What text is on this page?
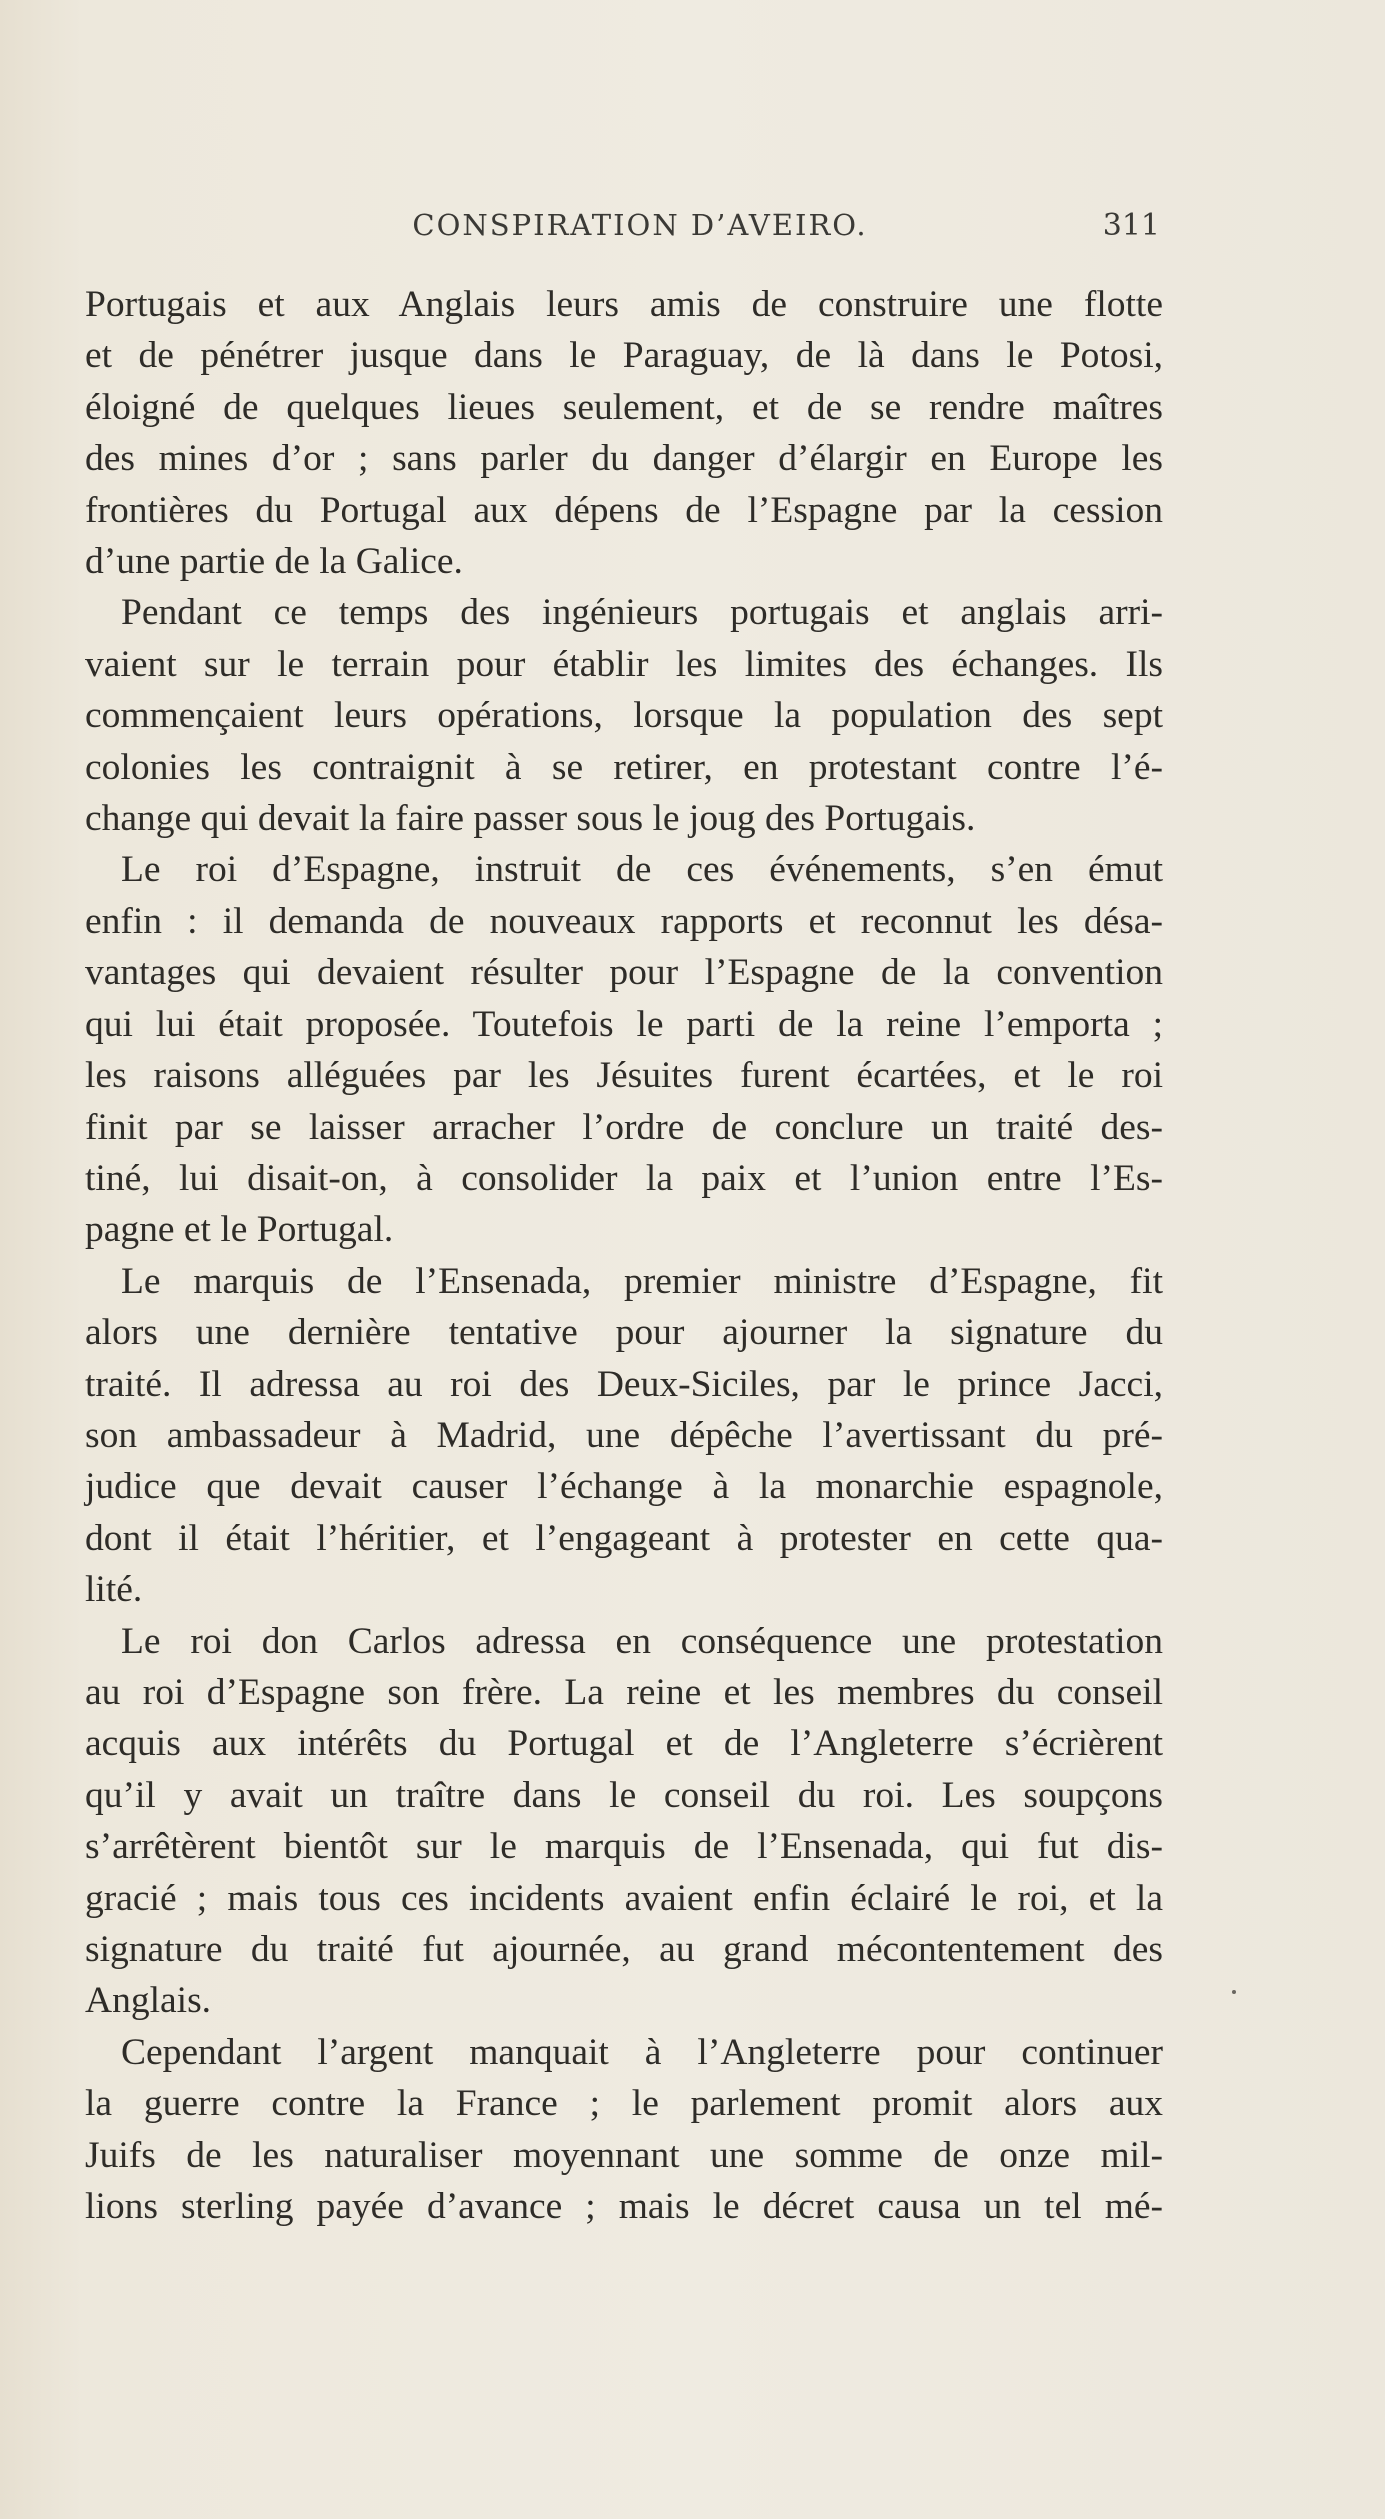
CONSPIRATION D’AVEIRO.	311
Portugais et aux Anglais leurs amis de construire une flotte
et de pénétrer jusque dans le Paraguay, de là dans le Potosi,
éloigné de quelques lieues seulement, et de se rendre maîtres
des mines d’or ; sans parler du danger d’élargir en Europe les
frontières du Portugal aux dépens de l’Espagne par la cession
d’une partie de la Galice.
Pendant ce temps des ingénieurs portugais et anglais arri-
vaient sur le terrain pour établir les limites des échanges. Ils
commençaient leurs opérations, lorsque la population des sept
colonies les contraignit à se retirer, en protestant contre l’é-
change qui devait la faire passer sous le joug des Portugais.
Le roi d’Espagne, instruit de ces événements, s’en émut
enfin : il demanda de nouveaux rapports et reconnut les désa-
vantages qui devaient résulter pour l’Espagne de la convention
qui lui était proposée. Toutefois le parti de la reine l’emporta ;
les raisons alléguées par les Jésuites furent écartées, et le roi
finit par se laisser arracher l’ordre de conclure un traité des-
tiné, lui disait-on, à consolider la paix et l’union entre l’Es-
pagne et le Portugal.
Le marquis de l’Ensenada, premier ministre d’Espagne, fit
alors une dernière tentative pour ajourner la signature du
traité. Il adressa au roi des Deux-Siciles, par le prince Jacci,
son ambassadeur à Madrid, une dépêche l’avertissant du pré-
judice que devait causer l’échange à la monarchie espagnole,
dont il était l’héritier, et l’engageant à protester en cette qua-
lité.
Le roi don Carlos adressa en conséquence une protestation
au roi d’Espagne son frère. La reine et les membres du conseil
acquis aux intérêts du Portugal et de l’Angleterre s’écrièrent
qu’il y avait un traître dans le conseil du roi. Les soupçons
s’arrêtèrent bientôt sur le marquis de l’Ensenada, qui fut dis-
gracié ; mais tous ces incidents avaient enfin éclairé le roi, et la
signature du traité fut ajournée, au grand mécontentement des
Anglais.
Cependant l’argent manquait à l’Angleterre pour continuer
la guerre contre la France ; le parlement promit alors aux
Juifs de les naturaliser moyennant une somme de onze mil-
lions sterling payée d’avance ; mais le décret causa un tel mé-
